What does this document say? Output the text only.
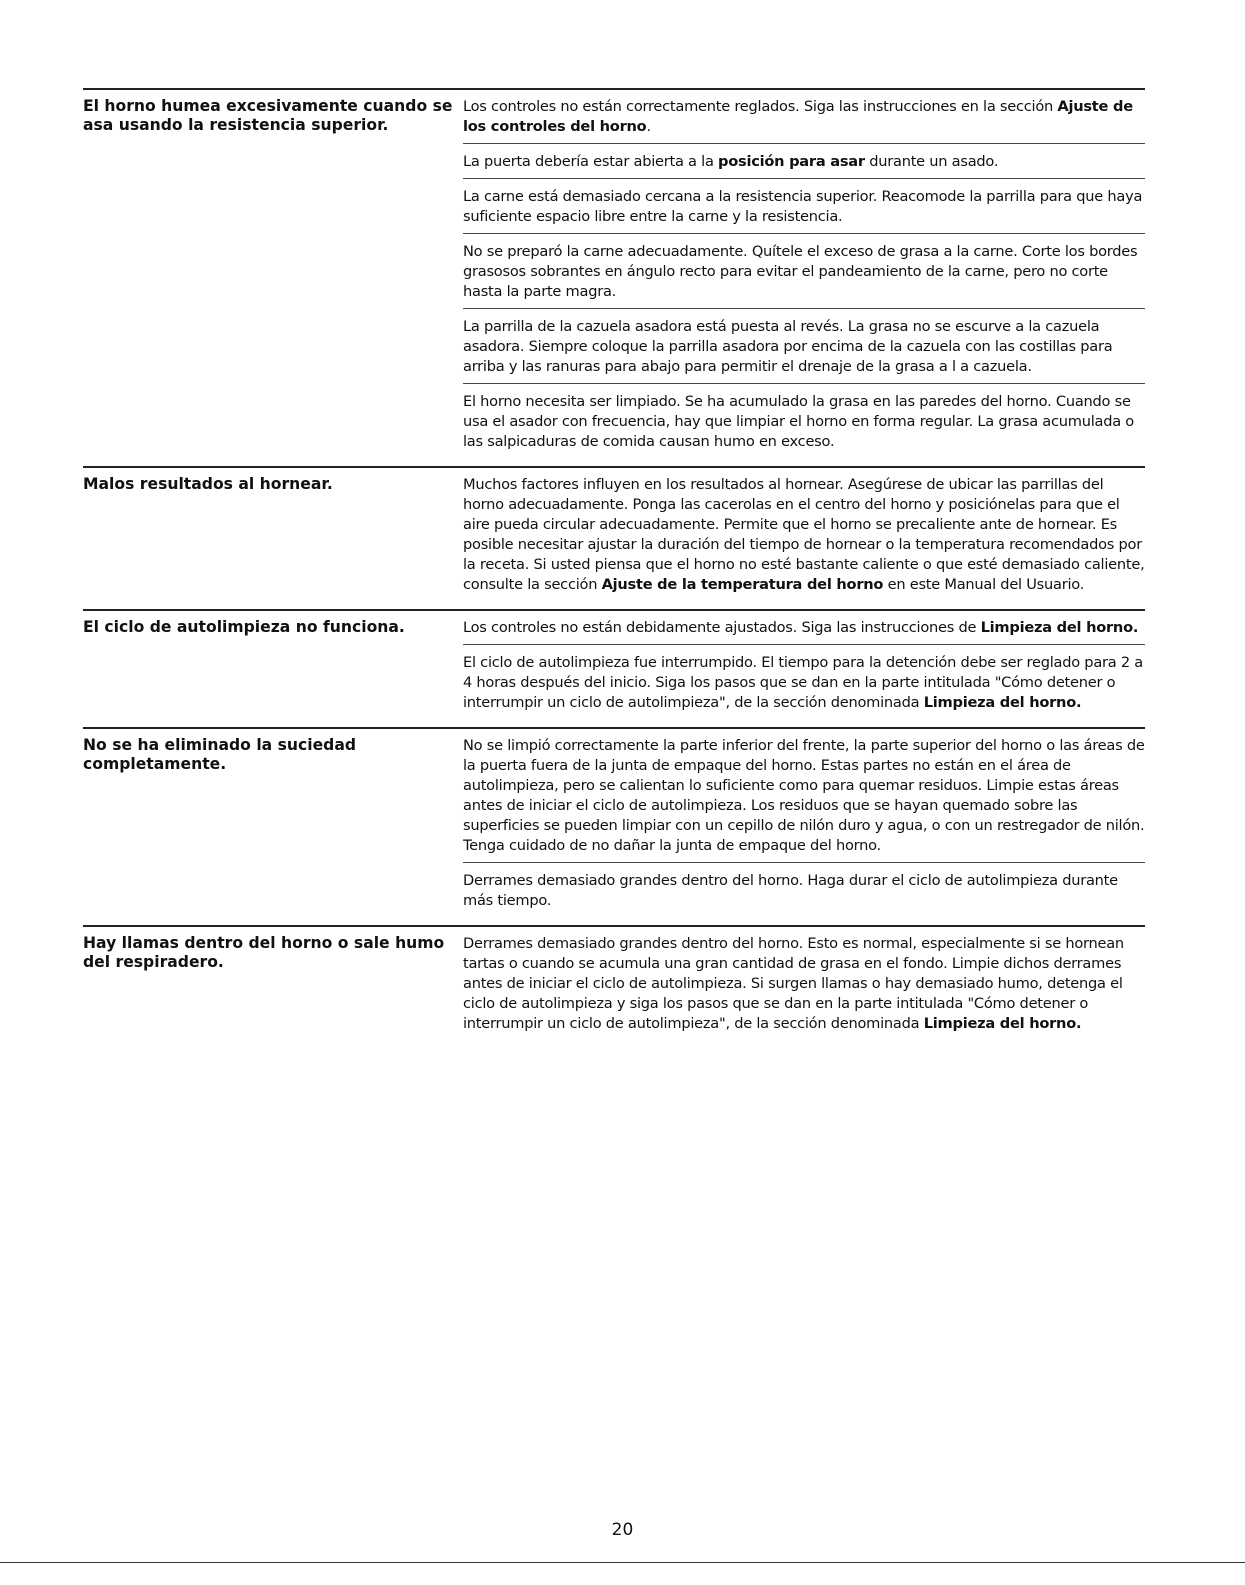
El horno humea excesivamente cuando se asa usando la resistencia superior.
Los controles no están correctamente reglados. Siga las instrucciones en la sección Ajuste de los controles del horno.
La puerta debería estar abierta a la posición para asar durante un asado.
La carne está demasiado cercana a la resistencia superior. Reacomode la parrilla para que haya suficiente espacio libre entre la carne y la resistencia.
No se preparó la carne adecuadamente. Quítele el exceso de grasa a la carne. Corte los bordes grasosos sobrantes en ángulo recto para evitar el pandeamiento de la carne, pero no corte hasta la parte magra.
La parrilla de la cazuela asadora está puesta al revés. La grasa no se escurve a la cazuela asadora. Siempre coloque la parrilla asadora por encima de la cazuela con las costillas para arriba y las ranuras para abajo para permitir el drenaje de la grasa a l a cazuela.
El horno necesita ser limpiado. Se ha acumulado la grasa en las paredes del horno. Cuando se usa el asador con frecuencia, hay que limpiar el horno en forma regular. La grasa acumulada o las salpicaduras de comida causan humo en exceso.
Malos resultados al hornear.	Muchos factores influyen en los resultados al hornear. Asegúrese de ubicar las parrillas del horno adecuadamente. Ponga las cacerolas en el centro del horno y posiciónelas para que el aire pueda circular adecuadamente. Permite que el horno se precaliente ante de hornear. Es posible necesitar ajustar la duración del tiempo de hornear o la temperatura recomendados por la receta. Si usted piensa que el horno no esté bastante caliente o que esté demasiado caliente, consulte la sección Ajuste de la temperatura del horno en este Manual del Usuario.
El ciclo de autolimpieza no funciona.	Los controles no están debidamente ajustados. Siga las instrucciones de Limpieza del horno.
El ciclo de autolimpieza fue interrumpido. El tiempo para la detención debe ser reglado para 2 a 4 horas después del inicio. Siga los pasos que se dan en la parte intitulada "Cómo detener o interrumpir un ciclo de autolimpieza", de la sección denominada Limpieza del horno.
No se ha eliminado la suciedad completamente.
No se limpió correctamente la parte inferior del frente, la parte superior del horno o las áreas de la puerta fuera de la junta de empaque del horno. Estas partes no están en el área de autolimpieza, pero se calientan lo suficiente como para quemar residuos. Limpie estas áreas antes de iniciar el ciclo de autolimpieza. Los residuos que se hayan quemado sobre las superficies se pueden limpiar con un cepillo de nilón duro y agua, o con un restregador de nilón. Tenga cuidado de no dañar la junta de empaque del horno.
Derrames demasiado grandes dentro del horno. Haga durar el ciclo de autolimpieza durante más tiempo.
Hay llamas dentro del horno o sale humo del respiradero.
Derrames demasiado grandes dentro del horno. Esto es normal, especialmente si se hornean tartas o cuando se acumula una gran cantidad de grasa en el fondo. Limpie dichos derrames antes de iniciar el ciclo de autolimpieza. Si surgen llamas o hay demasiado humo, detenga el ciclo de autolimpieza y siga los pasos que se dan en la parte intitulada "Cómo detener o interrumpir un ciclo de autolimpieza", de la sección denominada Limpieza del horno.
20
